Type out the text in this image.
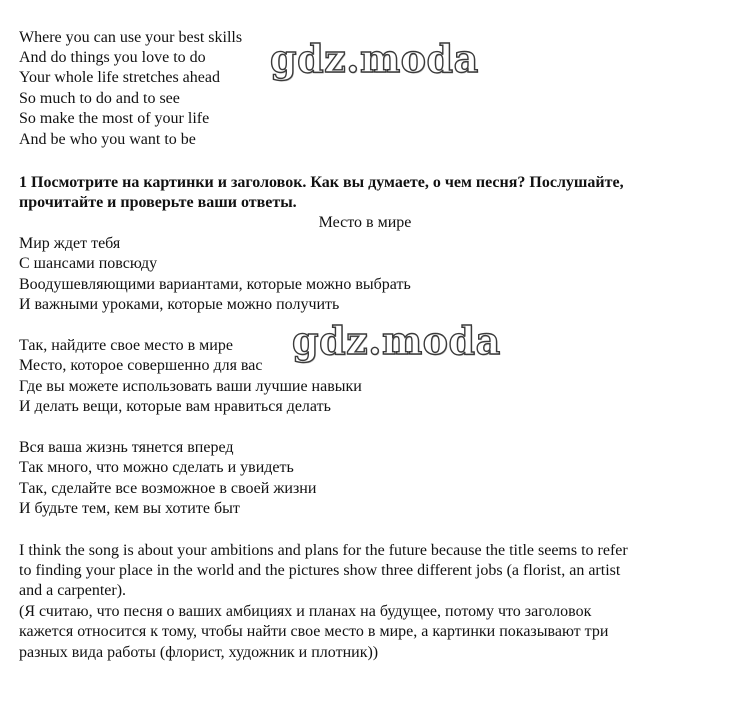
Where you can use your best skills
And do things you love to do
Your whole life stretches ahead
So much to do and to see
So make the most of your life
And be who you want to be
1 Посмотрите на картинки и заголовок. Как вы думаете, о чем песня? Послушайте,
прочитайте и проверьте ваши ответы.
Место в мире
Мир ждет тебя
С шансами повсюду
Воодушевляющими вариантами, которые можно выбрать
И важными уроками, которые можно получить
Так, найдите свое место в мире
Место, которое совершенно для вас
Где вы можете использовать ваши лучшие навыки
И делать вещи, которые вам нравиться делать
Вся ваша жизнь тянется вперед
Так много, что можно сделать и увидеть
Так, сделайте все возможное в своей жизни
И будьте тем, кем вы хотите быт
I think the song is about your ambitions and plans for the future because the title seems to refer
to finding your place in the world and the pictures show three different jobs (a florist, an artist
and a carpenter).
(Я считаю, что песня о ваших амбициях и планах на будущее, потому что заголовок
кажется относится к тому, чтобы найти свое место в мире, а картинки показывают три
разных вида работы (флорист, художник и плотник))
gdz.moda
gdz.moda
